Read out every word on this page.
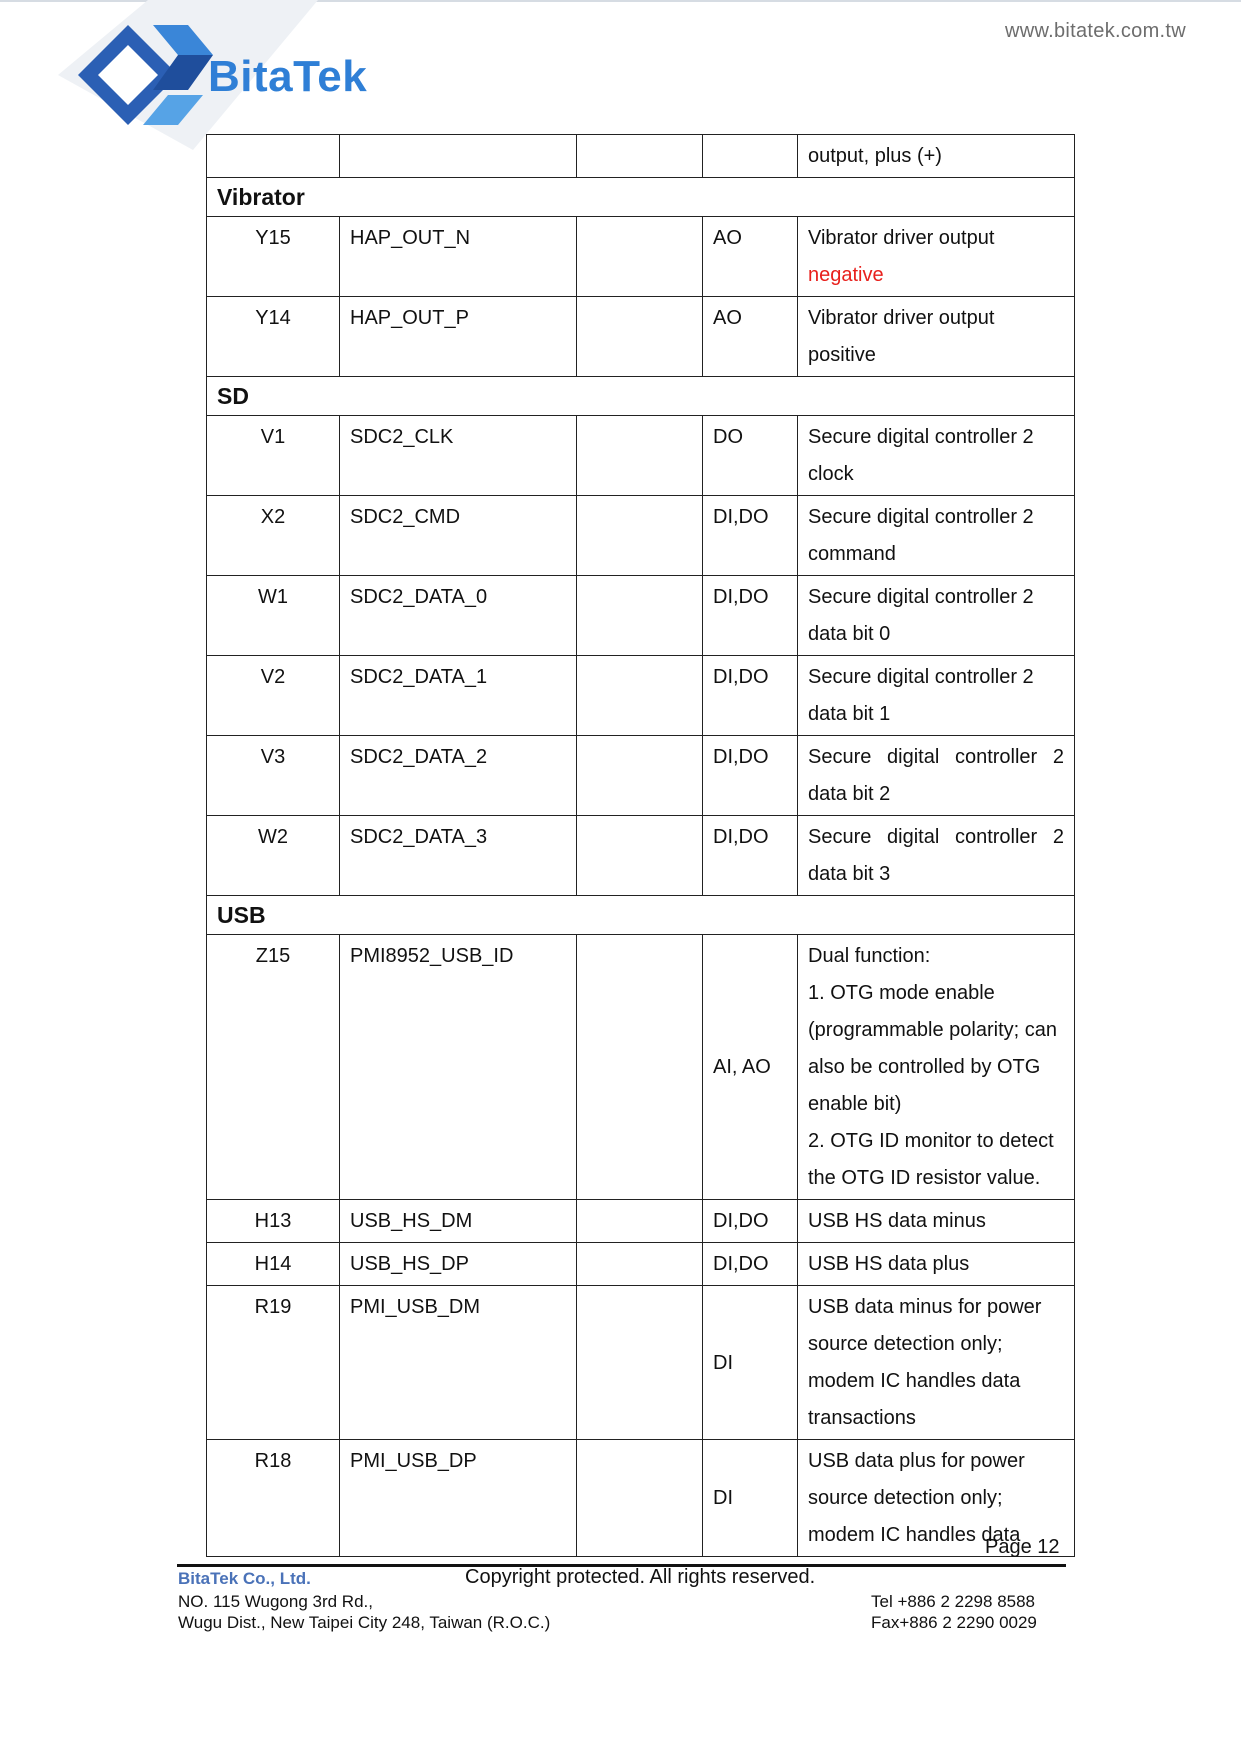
BitaTek
www.bitatek.com.tw
				output, plus (+)
Vibrator				
Y15	HAP_OUT_N		AO	Vibrator driver output
negative

Y14	HAP_OUT_P		AO	Vibrator driver output positive
SD				
V1	SDC2_CLK		DO	Secure digital controller 2 clock
X2	SDC2_CMD		DI,DO	Secure digital controller 2 command
W1	SDC2_DATA_0		DI,DO	Secure digital controller 2 data bit 0
V2	SDC2_DATA_1		DI,DO	Secure digital controller 2 data bit 1
V3	SDC2_DATA_2		DI,DO	Secure digital controller 2 data bit 2
W2	SDC2_DATA_3		DI,DO	Secure digital controller 2 data bit 3
USB				
Z15	PMI8952_USB_ID		AI, AO	Dual function:
1. OTG mode enable (programmable polarity; can also be controlled by OTG enable bit)
2. OTG ID monitor to detect the OTG ID resistor value.

H13	USB_HS_DM		DI,DO	USB HS data minus
H14	USB_HS_DP		DI,DO	USB HS data plus
R19	PMI_USB_DM		DI	USB data minus for power source detection only; modem IC handles data transactions
R18	PMI_USB_DP		DI	USB data plus for power source detection only; modem IC handles data
Page 12
BitaTek Co., Ltd.	Copyright protected. All rights reserved.
NO. 115 Wugong 3rd Rd.,
Wugu Dist., New Taipei City 248, Taiwan (R.O.C.)
Tel +886 2 2298 8588
Fax+886 2 2290 0029
